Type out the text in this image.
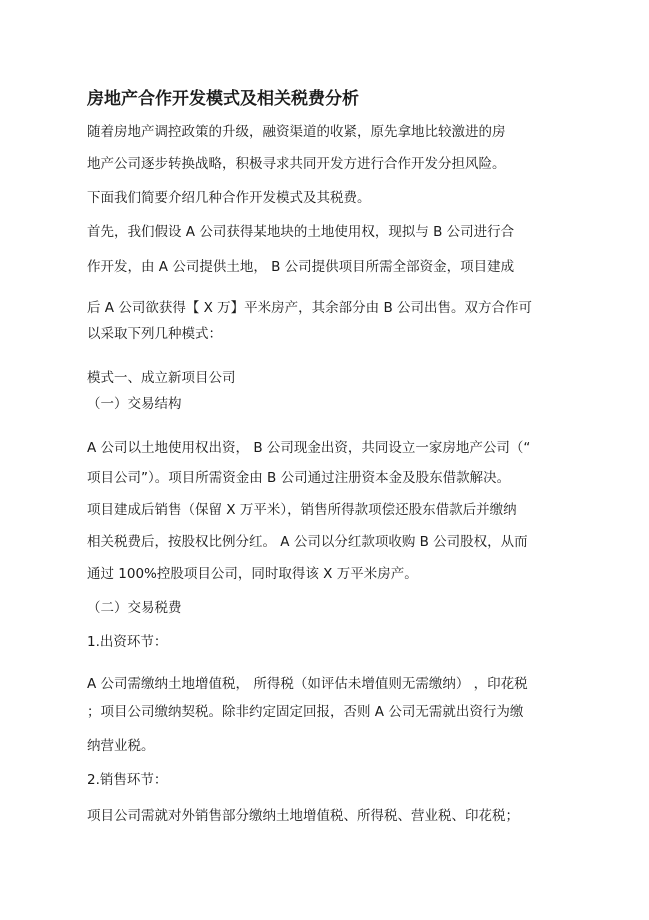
房地产合作开发模式及相关税费分析

随着房地产调控政策的升级，融资渠道的收紧，原先拿地比较激进的房

地产公司逐步转换战略，积极寻求共同开发方进行合作开发分担风险。

下面我们简要介绍几种合作开发模式及其税费。

首先，我们假设 A 公司获得某地块的土地使用权，现拟与 B 公司进行合

作开发，由 A 公司提供土地， B 公司提供项目所需全部资金，项目建成

后 A 公司欲获得【 X 万】平米房产，其余部分由 B 公司出售。双方合作可

以采取下列几种模式：

模式一、成立新项目公司

（一）交易结构

A 公司以土地使用权出资， B 公司现金出资，共同设立一家房地产公司（“

项目公司”）。项目所需资金由 B 公司通过注册资本金及股东借款解决。

项目建成后销售（保留 X 万平米），销售所得款项偿还股东借款后并缴纳

相关税费后，按股权比例分红。 A 公司以分红款项收购 B 公司股权，从而

通过 100%控股项目公司，同时取得该 X 万平米房产。

（二）交易税费

1.出资环节：

A 公司需缴纳土地增值税， 所得税（如评估未增值则无需缴纳） ，印花税

；项目公司缴纳契税。除非约定固定回报，否则 A 公司无需就出资行为缴

纳营业税。

2.销售环节：

项目公司需就对外销售部分缴纳土地增值税、所得税、营业税、印花税；
